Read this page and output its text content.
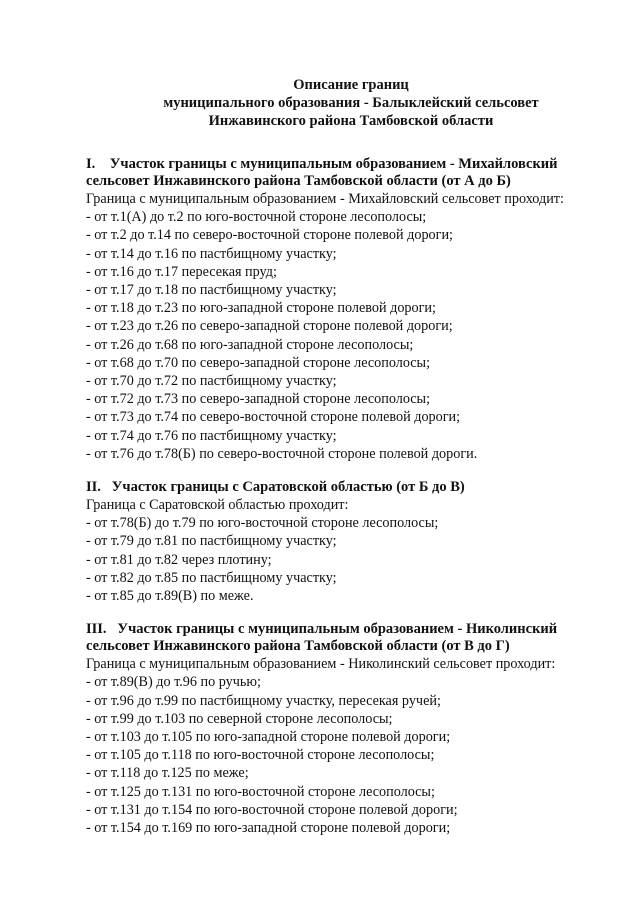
Описание границ
муниципального образования - Балыклейский сельсовет
Инжавинского района Тамбовской области
I.    Участок границы с муниципальным образованием - Михайловский
сельсовет Инжавинского района Тамбовской области (от А до Б)
Граница с муниципальным образованием - Михайловский сельсовет проходит:
- от т.1(А) до т.2 по юго-восточной стороне лесополосы;
- от т.2 до т.14 по северо-восточной стороне полевой дороги;
- от т.14 до т.16 по пастбищному участку;
- от т.16 до т.17 пересекая пруд;
- от т.17 до т.18 по пастбищному участку;
- от т.18 до т.23 по юго-западной стороне полевой дороги;
- от т.23 до т.26 по северо-западной стороне полевой дороги;
- от т.26 до т.68 по юго-западной стороне лесополосы;
- от т.68 до т.70 по северо-западной стороне лесополосы;
- от т.70 до т.72 по пастбищному участку;
- от т.72 до т.73 по северо-западной стороне лесополосы;
- от т.73 до т.74 по северо-восточной стороне полевой дороги;
- от т.74 до т.76 по пастбищному участку;
- от т.76 до т.78(Б) по северо-восточной стороне полевой дороги.
II.   Участок границы с Саратовской областью (от Б до В)
Граница с Саратовской областью проходит:
- от т.78(Б) до т.79 по юго-восточной стороне лесополосы;
- от т.79 до т.81 по пастбищному участку;
- от т.81 до т.82 через плотину;
- от т.82 до т.85 по пастбищному участку;
- от т.85 до т.89(В) по меже.
III.   Участок границы с муниципальным образованием - Николинский
сельсовет Инжавинского района Тамбовской области (от В до Г)
Граница с муниципальным образованием - Николинский сельсовет проходит:
- от т.89(В) до т.96 по ручью;
- от т.96 до т.99 по пастбищному участку, пересекая ручей;
- от т.99 до т.103 по северной стороне лесополосы;
- от т.103 до т.105 по юго-западной стороне полевой дороги;
- от т.105 до т.118 по юго-восточной стороне лесополосы;
- от т.118 до т.125 по меже;
- от т.125 до т.131 по юго-восточной стороне лесополосы;
- от т.131 до т.154 по юго-восточной стороне полевой дороги;
- от т.154 до т.169 по юго-западной стороне полевой дороги;
